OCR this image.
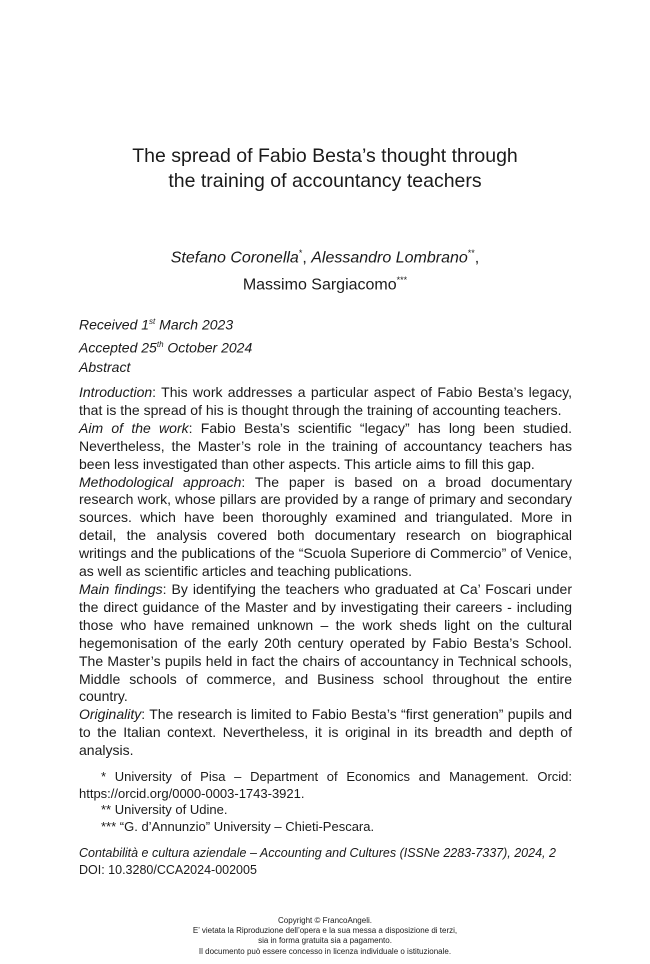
The spread of Fabio Besta’s thought through
the training of accountancy teachers
Stefano Coronella*, Alessandro Lombrano**,
Massimo Sargiacomo***
Received 1st March 2023
Accepted 25th October 2024
Abstract

Introduction: This work addresses a particular aspect of Fabio Besta’s legacy, that is the spread of his is thought through the training of accounting teachers.

Aim of the work: Fabio Besta’s scientific “legacy” has long been studied. Nevertheless, the Master’s role in the training of accountancy teachers has been less investigated than other aspects. This article aims to fill this gap.

Methodological approach: The paper is based on a broad documentary research work, whose pillars are provided by a range of primary and secondary sources. which have been thoroughly examined and triangulated. More in detail, the analysis covered both documentary research on biographical writings and the publications of the “Scuola Superiore di Commercio” of Venice, as well as scientific articles and teaching publications.

Main findings: By identifying the teachers who graduated at Ca’ Foscari under the direct guidance of the Master and by investigating their careers - including those who have remained unknown – the work sheds light on the cultural hegemonisation of the early 20th century operated by Fabio Besta’s School. The Master’s pupils held in fact the chairs of accountancy in Technical schools, Middle schools of commerce, and Business school throughout the entire country.

Originality: The research is limited to Fabio Besta’s “first generation” pupils and to the Italian context. Nevertheless, it is original in its breadth and depth of analysis.

* University of Pisa – Department of Economics and Management. Orcid: https://orcid.org/0000-0003-1743-3921.

** University of Udine.

*** “G. d’Annunzio” University – Chieti-Pescara.

Contabilità e cultura aziendale – Accounting and Cultures (ISSNe 2283-7337), 2024, 2
DOI: 10.3280/CCA2024-002005
Copyright © FrancoAngeli.
E’ vietata la Riproduzione dell’opera e la sua messa a disposizione di terzi,
sia in forma gratuita sia a pagamento.
Il documento può essere concesso in licenza individuale o istituzionale.
